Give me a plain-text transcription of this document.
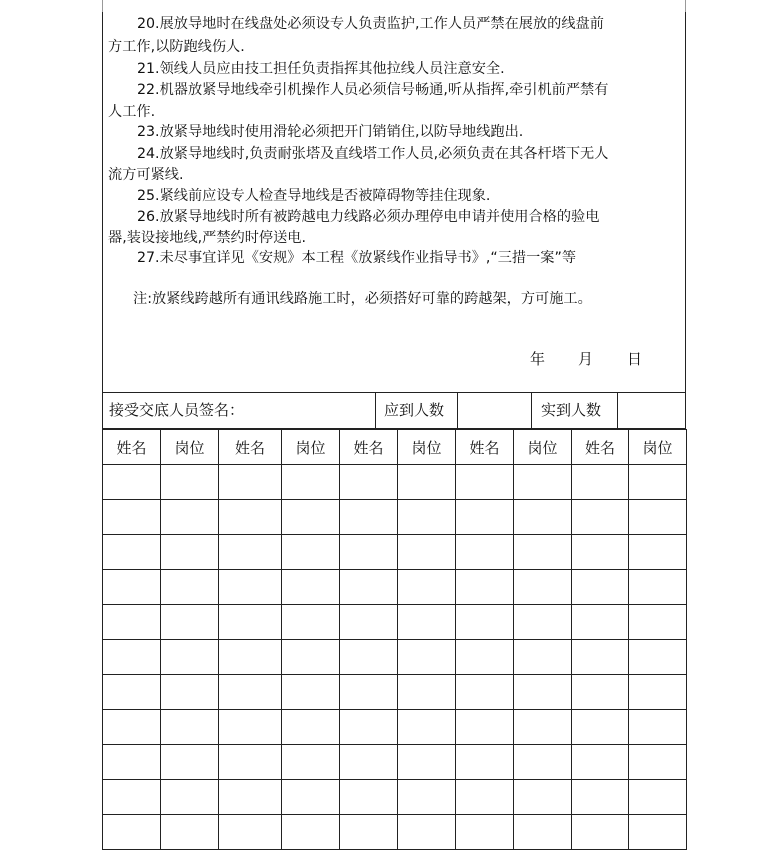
20.展放导地时在线盘处必须设专人负责监护,工作人员严禁在展放的线盘前
方工作,以防跑线伤人.
21.领线人员应由技工担任负责指挥其他拉线人员注意安全.
22.机器放紧导地线牵引机操作人员必须信号畅通,听从指挥,牵引机前严禁有
人工作.
23.放紧导地线时使用滑轮必须把开门销销住,以防导地线跑出.
24.放紧导地线时,负责耐张塔及直线塔工作人员,必须负责在其各杆塔下无人
流方可紧线.
25.紧线前应设专人检查导地线是否被障碍物等挂住现象.
26.放紧导地线时所有被跨越电力线路必须办理停电申请并使用合格的验电
器,装设接地线,严禁约时停送电.
27.未尽事宜详见《安规》本工程《放紧线作业指导书》,“三措一案”等
注:放紧线跨越所有通讯线路施工时，必须搭好可靠的跨越架，方可施工。
年 月 日
接受交底人员签名：	应到人数	实到人数
姓名	岗位	姓名	岗位	姓名	岗位	姓名	岗位	姓名	岗位
